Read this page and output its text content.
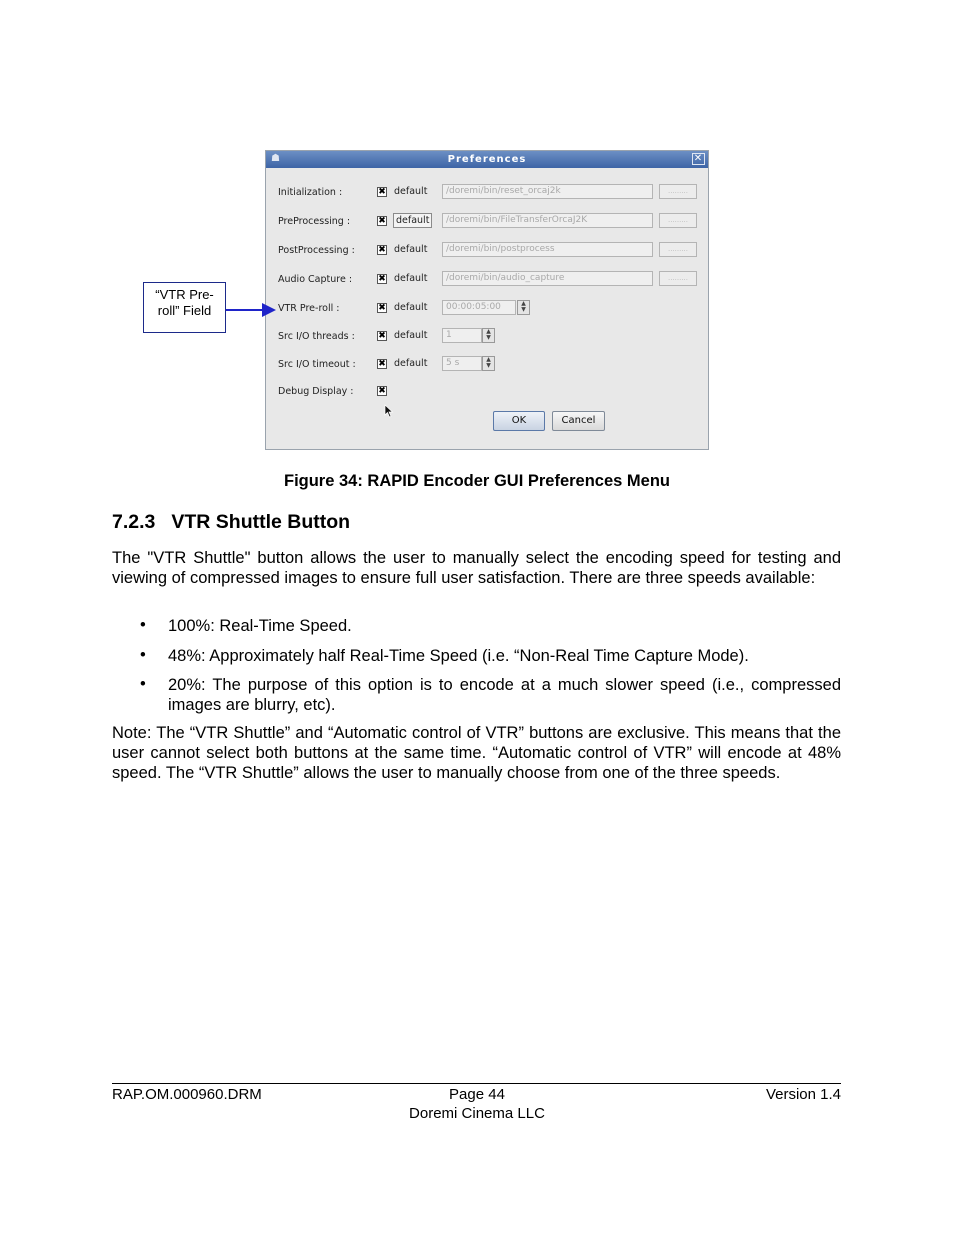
☗	Preferences	✕
Initialization :	✖ default	/doremi/bin/reset_orcaj2k	.........
PreProcessing :	✖	default	/doremi/bin/FileTransferOrcaJ2K	.........
PostProcessing :	✖ default	/doremi/bin/postprocess	.........
Audio Capture :	✖ default	/doremi/bin/audio_capture	.........
VTR Pre-roll :	✖ default	00:00:05:00	▲
▼
Src I/O threads :	✖ default	1	▲
▼
Src I/O timeout :	✖ default	5 s	▲
▼
Debug Display :	✖
OK	Cancel
“VTR Pre-
roll” Field
Figure 34: RAPID Encoder GUI Preferences Menu
7.2.3 VTR Shuttle Button
The "VTR Shuttle" button allows the user to manually select the encoding speed for testing and viewing of compressed images to ensure full user satisfaction. There are three speeds available:
• 100%: Real-Time Speed.
• 48%: Approximately half Real-Time Speed (i.e. “Non-Real Time Capture Mode).
• 20%: The purpose of this option is to encode at a much slower speed (i.e., compressed images are blurry, etc).
Note: The “VTR Shuttle” and “Automatic control of VTR” buttons are exclusive. This means that the user cannot select both buttons at the same time. “Automatic control of VTR” will encode at 48% speed. The “VTR Shuttle” allows the user to manually choose from one of the three speeds.
RAP.OM.000960.DRM	Page 44
Doremi Cinema LLC
Version 1.4
